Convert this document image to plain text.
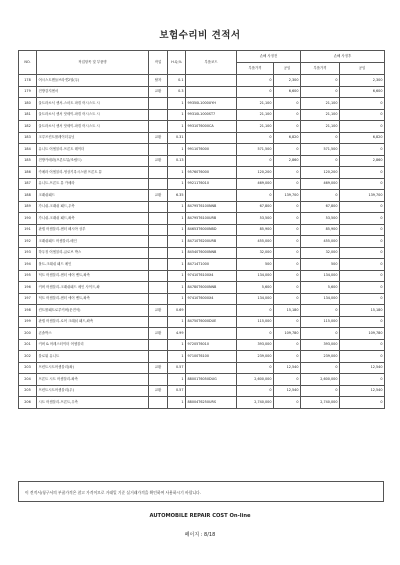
보험수리비 견적서
NO.	작업항목 및 부품명	작업	H.Q,%	부품코드	손해 사정전		손해 사정후	
					부품가격	공임	부품가격	공임
178	어시스트핸들브라켓2열(우)	탈착	0.1		0	2,300	0	2,300
179	전방감지센서	교환	0.3		0	6,600	0	6,600
180	울트라소닉 센서-스마트 파킹 어시스트 시		1	99350L1000UYH	21,100	0	21,100	0
181	울트라소닉 센서 앗세이-파킹 어시스트 시		1	99310L1000ST7	21,100	0	21,100	0
182	울트라소닉 센서 앗세이-파킹 어시스트 시		1	99310T6000CA	21,100	0	21,100	0
183	크루즈컨트롤레이더유닛	교환	0.31		0	6,820	0	6,820
184	유니트 어셈블리-프론트 레이더		1	99110T6000	571,500	0	571,500	0
185	전방카메라(프론트뷰/조립드)	교환	0.13		0	2,860	0	2,860
186	카메라 어셈블리-영상기록시스템 프론트 뷰		1	95760T6000	120,200	0	120,200	0
187	유니트-프론트 뷰 카메라		1	99211T6010	469,000	0	469,000	0
188	크래쉬패드	교환	6.35		0	139,700	0	139,700
189	가니쉬-크래쉬 패드,우측		1	84795T6100NNB	67,800	0	67,800	0
190	가니쉬-크래쉬 패드,좌측		1	84795T6100URB	53,500	0	53,500	0
191	판넬 어셈블리-센터 페시아 상부		1	84653T6000NBD	85,900	0	85,900	0
192	크래쉬패드 어셈블리-메인		1	84710T6200URB	455,000	0	455,000	0
193	하우징 어셈블리-글로브 박스		1	84540T6000NNB	32,000	0	32,000	0
194	볼트-크래쉬 패드 메인		1	84714T1000	500	0	500	0
195	덕트 어셈블리-센터 에어 벤트,좌측		1	97410T6100X4	134,000	0	134,000	0
196	커버 어셈블리-크래쉬패드 메인 사이드,좌		1	84780T6000NNB	5,600	0	5,600	0
197	덕트 어셈블리-센터 에어 벤트,좌측		1	97410T6000X4	134,000	0	134,000	0
198	컨트롤패트로루커버(운전석)	교환	0.69		0	15,180	0	15,180
199	판넬 어셈블리-로어 크래쉬 패드,좌측		1	84750T6000DUE	115,000	0	115,000	0
200	콘솔박스	교환	4.99		0	109,780	0	109,780
201	커버 & 어레스터이터 어셈블리		1	97205T6010	393,000	0	393,000	0
202	블로워 유니트		1	97100T6100	239,000	0	239,000	0
203	프런트시트어셈블리(좌)	교환	0.57		0	12,540	0	12,540
204	프론트 시트 어셈블리-좌측		1	88001T6050DUG	2,600,000	0	2,600,000	0
205	프런트시트어셈블리(우)	교환	0.57		0	12,540	0	12,540
206	시트 어셈블리-프론트,우측		1	88004T6250URS	2,740,000	0	2,740,000	0
이 견적서/청구서의 부품가격은 참고 가격이므로 거래일 기준 실거래가격을 확인하여 사용하시기 바랍니다.
AUTOMOBILE REPAIR COST On-line
페이지 : 8/18
